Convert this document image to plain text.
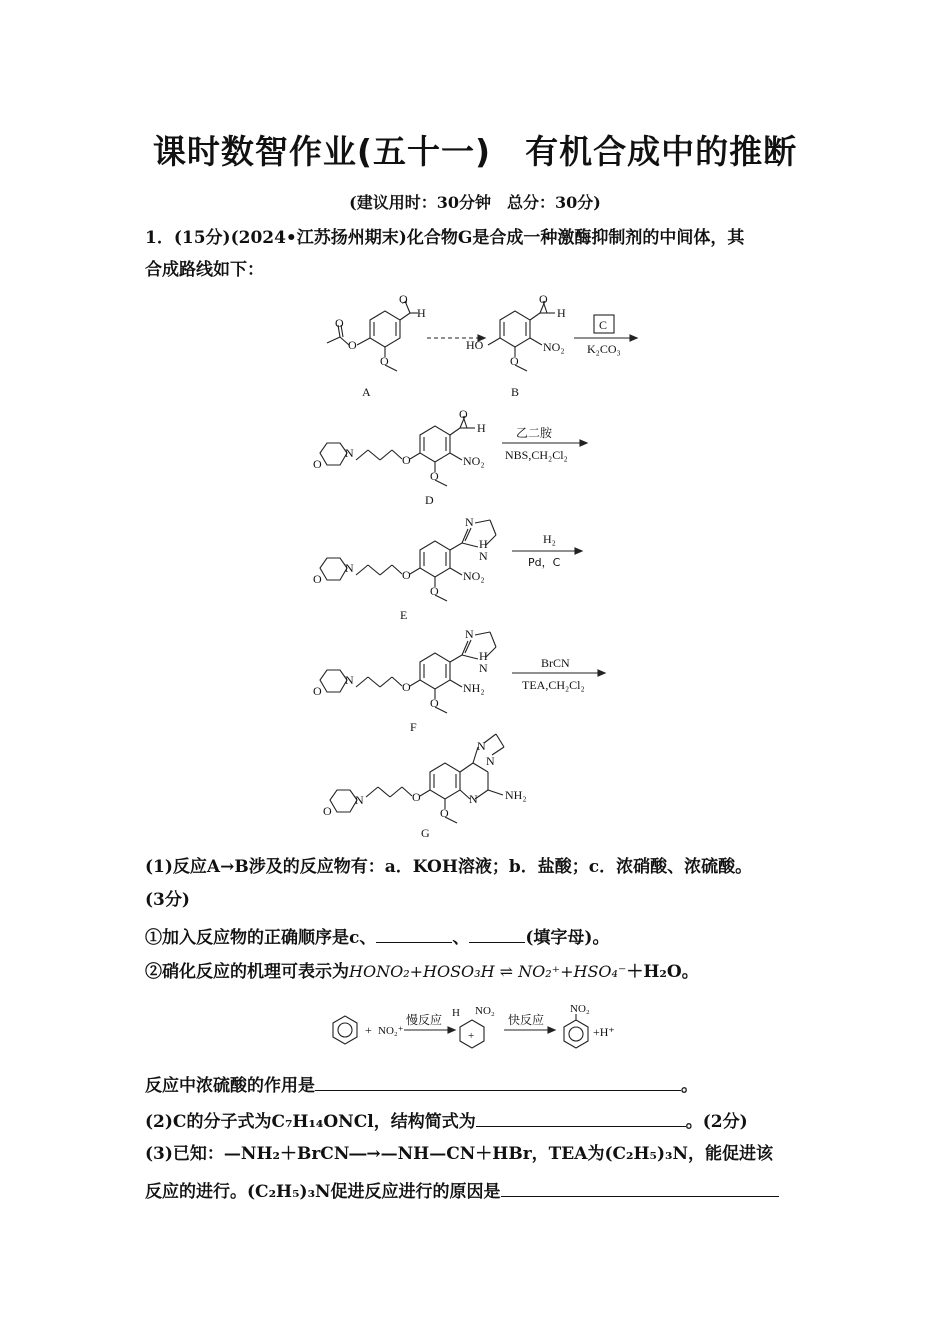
课时数智作业(五十一)　有机合成中的推断
(建议用时：30分钟　总分：30分)
1．(15分)(2024•江苏扬州期末)化合物G是合成一种激酶抑制剂的中间体，其
合成路线如下：
O
H
O
O
O
A
O
H
HO	NO₂
O
B
C
K₂CO₃
O
H
NO₂
O
O
N
O
D
乙二胺
NBS,CH₂Cl₂
N
H
N
NO₂
O
O
N
O
E
H₂
Pd，C
N
H
N
NH₂
O
O
N
O
F
BrCN
TEA,CH₂Cl₂
N
N
N NH₂
O
O
N
O
G
(1)反应A→B涉及的反应物有：a．KOH溶液；b．盐酸；c．浓硝酸、浓硫酸。
(3分)
①加入反应物的正确顺序是c、	、	(填字母)。
②硝化反应的机理可表示为HONO₂+HOSO₃H ⇌ NO₂⁺+HSO₄⁻＋H₂O。
+ NO₂⁺
慢反应 H NO₂
+
快反应
NO₂
+H⁺
反应中浓硫酸的作用是	。
(2)C的分子式为C₇H₁₄ONCl，结构简式为	。(2分)
(3)已知：—NH₂＋BrCN―→—NH—CN＋HBr，TEA为(C₂H₅)₃N，能促进该
反应的进行。(C₂H₅)₃N促进反应进行的原因是
